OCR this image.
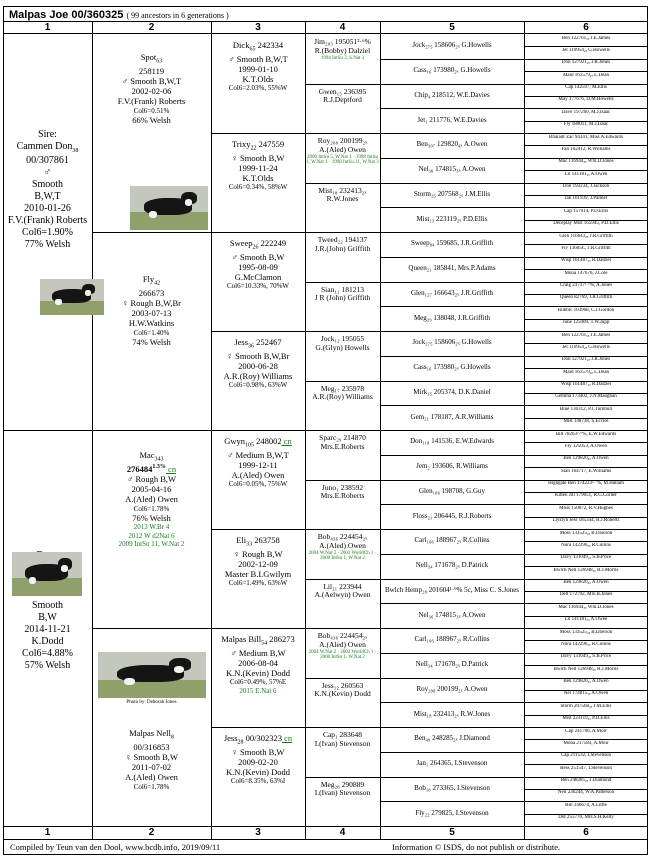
Malpas Joe 00/360325 ( 99 ancestors in 6 generations )
1
1
2
2
3
3
4
4
5
5
6
6
Sire:
Cammen Don$_{38}$
00/307861
♂
Smooth
B,W,T
2010-01-26
F.V.(Frank) Roberts
Col6=1.90%
77% Welsh
Smooth
B,W
2014-11-21
K.Dodd
Col6=4.88%
57% Welsh
Spot$_{63}$
258119
♂ Smooth B,W,T
2002-02-06
F.V.(Frank) Roberts
Col6=0.51%
66% Welsh
Fly$_{42}$
266673
♀ Rough B,W,Br
2003-07-13
H.W.Watkins
Col6=1.40%
74% Welsh
Mac$_{343}$
$276484^{1.3\%}$ cn
♂ Rough B,W
2005-04-16
A.(Aled) Owen
Col6=1.78%
76% Welsh
2013 W.Br 4
2012 W d2Nat 6
2009 IntSu 11, W.Nat 2
Photo by: Deborah Jones
Malpas Nell$_8$
00/316853
♀ Smooth B,W
2011-07-02
A.(Aled) Owen
Col6=1.78%
Dick$_{65}$ 242334
♂ Smooth B,W,T
1999-01-10
K.T.Olds
Col6=2.03%, 55%W
Trixy$_{22}$ 247559
♀ Smooth B,W
1999-11-24
K.T.Olds
Col6=0.34%, 58%W
Sweep$_{26}$ 222249
♂ Smooth B,W
1995-08-09
G.McClamon
Col6=10.33%, 70%W
Jess$_{36}$ 252467
♀ Smooth B,W,Br
2000-06-28
A.R.(Roy) Williams
Col6=0.98%, 63%W
Gwyn$_{105}$ 248002 cn
♂ Medium B,W,T
1999-12-11
A.(Aled) Owen
Col6=0.05%, 75%W
Eli$_{33}$ 263758
♀ Rough B,W
2002-12-09
Master B.I.Gwilym
Col6=1.49%, 63%W
Malpas Bill$_{54}$ 286273
♂ Medium B,W
2006-08-04
K.N.(Kevin) Dodd
Col6=0.49%, 57%E
2015 E.Nat 6
Jess$_{28}$ 00/302323 cn
♀ Smooth B,W
2009-02-20
K.N.(Kevin) Dodd
Col6=8.35%, 63%I
Jim₂₀₃ 195051²·⁶%
R.(Bobby) Dalziel
1994 IntSu 3, S.Nat 3
Gwen₁₅ 236395
R.J.Deptford
Roy₂₀₈ 200199₂ₓ
A.(Aled) Owen
2000 IntSu 5, W.Nat 1 · 1998 IntSu 1, W.Nat 1 · 1998 IntSu 11, W.Nat 3
Mist₁₈ 232413₂ₓ
R.W.Jones
Tweed₂₂ 194137
J.R.(John) Griffith
Sian₁₁ 181213
J R (John) Griffith
Jock₁₂ 195055
G.(Glyn) Howells
Meg₁₇ 235978
A.R.(Roy) Williams
Sparc₂₉ 214870
Mrs.E.Roberts
Juno₁ 238592
Mrs.E.Roberts
Bob₄₃₆ 224454₂ₓ
A.(Aled) Owen
2004 W.Nat 2 · 2002 WorldCh 1 · 2000 IntSu 1, W.Nat 2
Lil₂₁ 223944
A.(Aelwyn) Owen
Bob₄₃₆ 224454₂ₓ
A.(Aled) Owen
2004 W.Nat 2 · 2002 WorldCh 1 · 2000 IntSu 1, W.Nat 2
Jess₁₂ 260563
K.N.(Kevin) Dodd
Cap₁ 283648
I.(Ivan) Stevenson
Meg₂₈ 290889
I.(Ivan) Stevenson
Jock₂₇₅ 158606₂ₓ G.Howells
Cass₁₆ 173980₂ₓ G.Howells
Chip₄ 218512, W.E.Davies
Jet₁ 211776, W.E.Davies
Ben₃₀₇ 129820₄ₓ A.Owen
Nel₃₆ 174815₃ₓ A.Owen
Storm₂₅ 207568₂ₓ J.M.Ellis
Mist₁₃ 223119₂ₓ P.D.Ellis
Sweep₈₄ 159685, J.R.Griffith
Queen₂₁ 185841, Mrs.P.Adams
Glen₁₂₇ 166643₂ₓ J.R.Griffith
Meg₂₉ 138048, J.R.Griffith
Jock₂₇₅ 158606₂ₓ G.Howells
Cass₁₆ 173980₂ₓ G.Howells
Mirk₁₅ 205374, D.K.Daniel
Gem₂₁ 178187, A.R.Williams
Don₁₁₈ 141536, E.W.Edwards
Jem₂ 193606, R.Williams
Glen₁₀₆ 198708, G.Guy
Floss₂₁ 206445, R.J.Roberts
Carl₁₆₆ 188967₂ₓ R.Collins
Nell₃₄ 171678₂ₓ D.Patrick
Bwlch Hemp₂₈ 201604¹·⁹% 5c, Miss C. S.Jones
Nel₃₆ 174815₃ₓ A.Owen
Carl₁₆₆ 188967₂ₓ R.Collins
Nell₃₄ 171678₂ₓ D.Patrick
Roy₂₀₈ 200199₂ₓ A.Owen
Mist₁₈ 232413₂ₓ R.W.Jones
Ben₄₉ 248285₂ₓ J.Diamond
Jan₁ 264365, I.Stevenson
Bob₁₈ 273365, I.Stevenson
Fly₂₂ 279825, I.Stevenson
Ben 122761₅ₓ J.E.James
Jet 110954₂ₓ G.Howells
Don 127921₂ₓ J.R.Jones
Maid 161579₂ₓ L.Dean
Cap 142597, M.Ellis
May 177676, D.M.Howells
Dave 197260, M.J.Isaac
Fly 189011, M.J.Isaac
Rhaiadr Zac 94341, Miss A.Edwards
Fan 102412, R.Williams
Mac 116944₃ₓ Wm.D.Jones
Lil 141181₃ₓ A.Owen
Don 193234, J.Jackson
Jan 161939, J.Palmer
Cap 157014, P.D.Ellis
Deceplay Mist 165945, P.D.Ellis
Glen 116643₂ₓ J.R.Griffith
Fly 13605C, J.R.Griffith
Wisp 161487₂ₓ R.Dalziel
Mona 147676, J.Cole
Craig 23737²·⁵%, A.Jones
Queen 82769, J.R.Griffith
Rubbic 103968, C.J.Gordon
June 125009, T.W.Jupp
Ben 122761₅ₓ J.E.James
Jet 110954₂ₓ G.Howells
Don 127921₂ₓ J.R.Jones
Maid 161579₂ₓ L.Dean
Wisp 161487₂ₓ R.Dalziel
Gemma 173402, J.N.Maughan
Blue 130312, P.J.Turnbull
Mist 148738, S.Eccles
Bill 78263²·⁰%, E.W.Edwards
Fly 125053, A.Owen
Ben 129820₄ₓ A.Owen
Sian 164717, E.Williams
Highgate Ben 174223²·⁷%, M.Hallam
Kitten Jill 179051, R.G.Corner
Moss 150072, R.V.Hughes
Llysfyn Jess 185344, R.J.Roberts
Moss 133525₂ₓ B.Dawson
Nora 142296₂ₓ R.Collins
Davy 131049₂ₓ S.B.Price
Bwlch Nell 126948₂ₓ R.J.Morris
Ben 129820₄ₓ A.Owen
Dell 172792, Mrs.B.Jones
Mac 116944₃ₓ Wm.D.Jones
Lil 141181₃ₓ A.Owen
Moss 133525₂ₓ B.Dawson
Nora 142296₂ₓ R.Collins
Davy 131049₂ₓ S.B.Price
Bwlch Nell 126948₂ₓ R.J.Morris
Ben 129820₄ₓ A.Owen
Nel 174815₃ₓ A.Owen
Storm 207568₂ₓ J.M.Ellis
Mist 223119₂ₓ P.D.Ellis
Cap 241706, A.Moir
Mona 217583, A.Moir
Cap 211532, I.Stevenson
Bess 251547, I.Stevenson
Ben 248285₂ₓ J.Diamond
Nell 236244, W.A.Patterson
Bill 246674, A.Little
Dot 255770, Mrs.S.H.Kelly
Compiled by Teun van den Dool, www.bcdb.info, 2019/09/11	Information © ISDS, do not publish or distribute.
